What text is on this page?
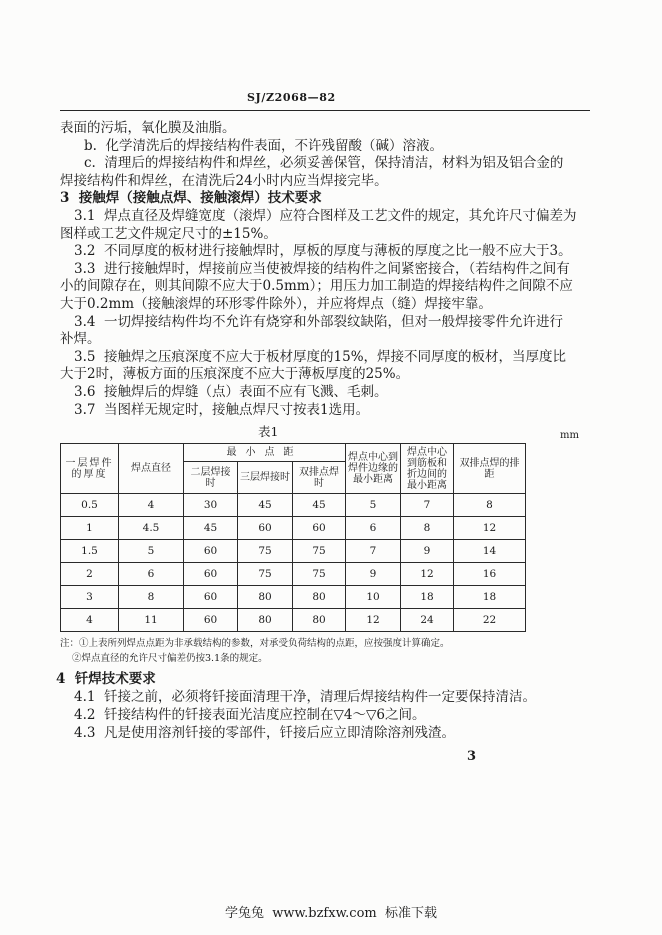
SJ/Z2068—82
表面的污垢，氧化膜及油脂。
b.  化学清洗后的焊接结构件表面，不许残留酸（碱）溶液。
c.  清理后的焊接结构件和焊丝，必须妥善保管，保持清洁，材料为铝及铝合金的
焊接结构件和焊丝，在清洗后24小时内应当焊接完毕。
3  接触焊（接触点焊、接触滚焊）技术要求
3.1  焊点直径及焊缝宽度（滚焊）应符合图样及工艺文件的规定，其允许尺寸偏差为
图样或工艺文件规定尺寸的±15%。
3.2  不同厚度的板材进行接触焊时，厚板的厚度与薄板的厚度之比一般不应大于3。
3.3  进行接触焊时，焊接前应当使被焊接的结构件之间紧密接合，（若结构件之间有
小的间隙存在，则其间隙不应大于0.5mm）；用压力加工制造的焊接结构件之间隙不应
大于0.2mm（接触滚焊的环形零件除外），并应将焊点（缝）焊接牢靠。
3.4  一切焊接结构件均不允许有烧穿和外部裂纹缺陷，但对一般焊接零件允许进行
补焊。
3.5  接触焊之压痕深度不应大于板材厚度的15%，焊接不同厚度的板材，当厚度比
大于2时，薄板方面的压痕深度不应大于薄板厚度的25%。
3.6  接触焊后的焊缝（点）表面不应有飞溅、毛刺。
3.7  当图样无规定时，接触点焊尺寸按表1选用。
表1	mm
一层焊件的厚度	焊点直径	最小点距			焊点中心到焊件边缘的最小距离	焊点中心到筋板和折边间的最小距离	双排点焊的排距
		二层焊接时	三层焊接时	双排点焊时			
0.5	4	30	45	45	5	7	8
1	4.5	45	60	60	6	8	12
1.5	5	60	75	75	7	9	14
2	6	60	75	75	9	12	16
3	8	60	80	80	10	18	18
4	11	60	80	80	12	24	22
注：①上表所列焊点点距为非承载结构的参数，对承受负荷结构的点距，应按强度计算确定。
②焊点直径的允许尺寸偏差仍按3.1条的规定。
4  钎焊技术要求
4.1  钎接之前，必须将钎接面清理干净，清理后焊接结构件一定要保持清洁。
4.2  钎接结构件的钎接表面光洁度应控制在▽4～▽6之间。
4.3  凡是使用溶剂钎接的零部件，钎接后应立即清除溶剂残渣。
3
学兔兔  www.bzfxw.com  标准下载
